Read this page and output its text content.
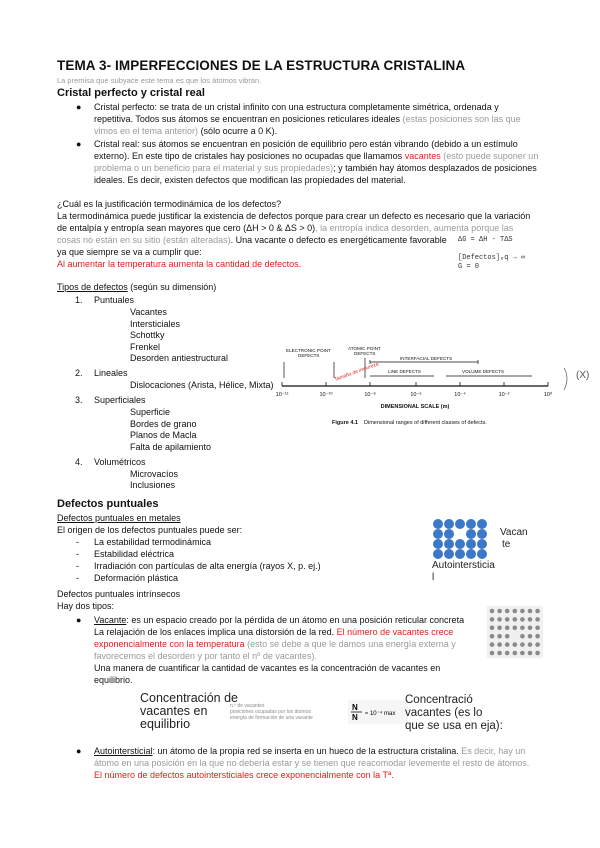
TEMA 3- IMPERFECCIONES DE LA ESTRUCTURA CRISTALINA
La premisa que subyace este tema es que los átomos vibran.
Cristal perfecto y cristal real
● Cristal perfecto: se trata de un cristal infinito con una estructura completamente simétrica, ordenada y
repetitiva. Todos sus átomos se encuentran en posiciones reticulares ideales (estas posiciones son las que
vimos en el tema anterior) (sólo ocurre a 0 K).
● Cristal real: sus átomos se encuentran en posición de equilibrio pero están vibrando (debido a un estímulo
externo). En este tipo de cristales hay posiciones no ocupadas que llamamos vacantes (esto puede suponer un
problema o un beneficio para el material y sus propiedades); y también hay átomos desplazados de posiciones
ideales. Es decir, existen defectos que modifican las propiedades del material.
¿Cuál es la justificación termodinámica de los defectos?
La termodinámica puede justificar la existencia de defectos porque para crear un defecto es necesario que la variación
de entalpía y entropía sean mayores que cero (ΔH > 0 & ΔS > 0), la entropía indica desorden, aumenta porque las
cosas no están en su sitio (están alteradas). Una vacante o defecto es energéticamente favorable
ya que siempre se va a cumplir que:
Al aumentar la temperatura aumenta la cantidad de defectos.
ΔG = ΔH - TΔS
[Defectos]ₑq → ∞
G = 0
Tipos de defectos (según su dimensión)
1. Puntuales
Vacantes
Intersticiales
Schottky
Frenkel
Desorden antiestructural
2. Lineales
Dislocaciones (Arista, Hélice, Mixta)
3. Superficiales
Superficie
Bordes de grano
Planos de Macla
Falta de apilamiento
4. Volumétricos
Microvacíos
Inclusiones
10⁻¹²	10⁻¹⁰	10⁻⁸	10⁻⁶	10⁻⁴	10⁻²	10⁰
DIMENSIONAL SCALE (m)
ELECTRONIC POINT
DEFECTS
ATOMIC POINT
DEFECTS
INTERFACIAL DEFECTS
LINE DEFECTS	VOLUME DEFECTS
Tamaño de impureza
Figure 4.1 Dimensional ranges of different classes of defects.
(X)
Defectos puntuales
Defectos puntuales en metales
El origen de los defectos puntuales puede ser:
- La estabilidad termodinámica
- Estabilidad eléctrica
- Irradiación con partículas de alta energía (rayos X, p. ej.)
- Deformación plástica
Vacan
te
Autointersticia
l
Defectos puntuales intrínsecos
Hay dos tipos:
● Vacante: es un espacio creado por la pérdida de un átomo en una posición reticular concreta
La relajación de los enlaces implica una distorsión de la red. El número de vacantes crece
exponencialmente con la temperatura (esto se debe a que le damos una energía externa y
favorecemos el desorden y por tanto el nº de vacantes).
Una manera de cuantificar la cantidad de vacantes es la concentración de vacantes en
equilibrio.
Concentración de
vacantes en
equilibrio
n.º de vacantes
posiciones ocupadas por los átomos
energía de formación de una vacante
N
N ≈ 10⁻⁴ max
Concentració
vacantes (es lo
que se usa en eja):
● Autointersticial: un átomo de la propia red se inserta en un hueco de la estructura cristalina. Es decir, hay un
átomo en una posición en la que no debería estar y se tienen que reacomodar levemente el resto de átomos.
El número de defectos autointersticiales crece exponencialmente con la Tª.
